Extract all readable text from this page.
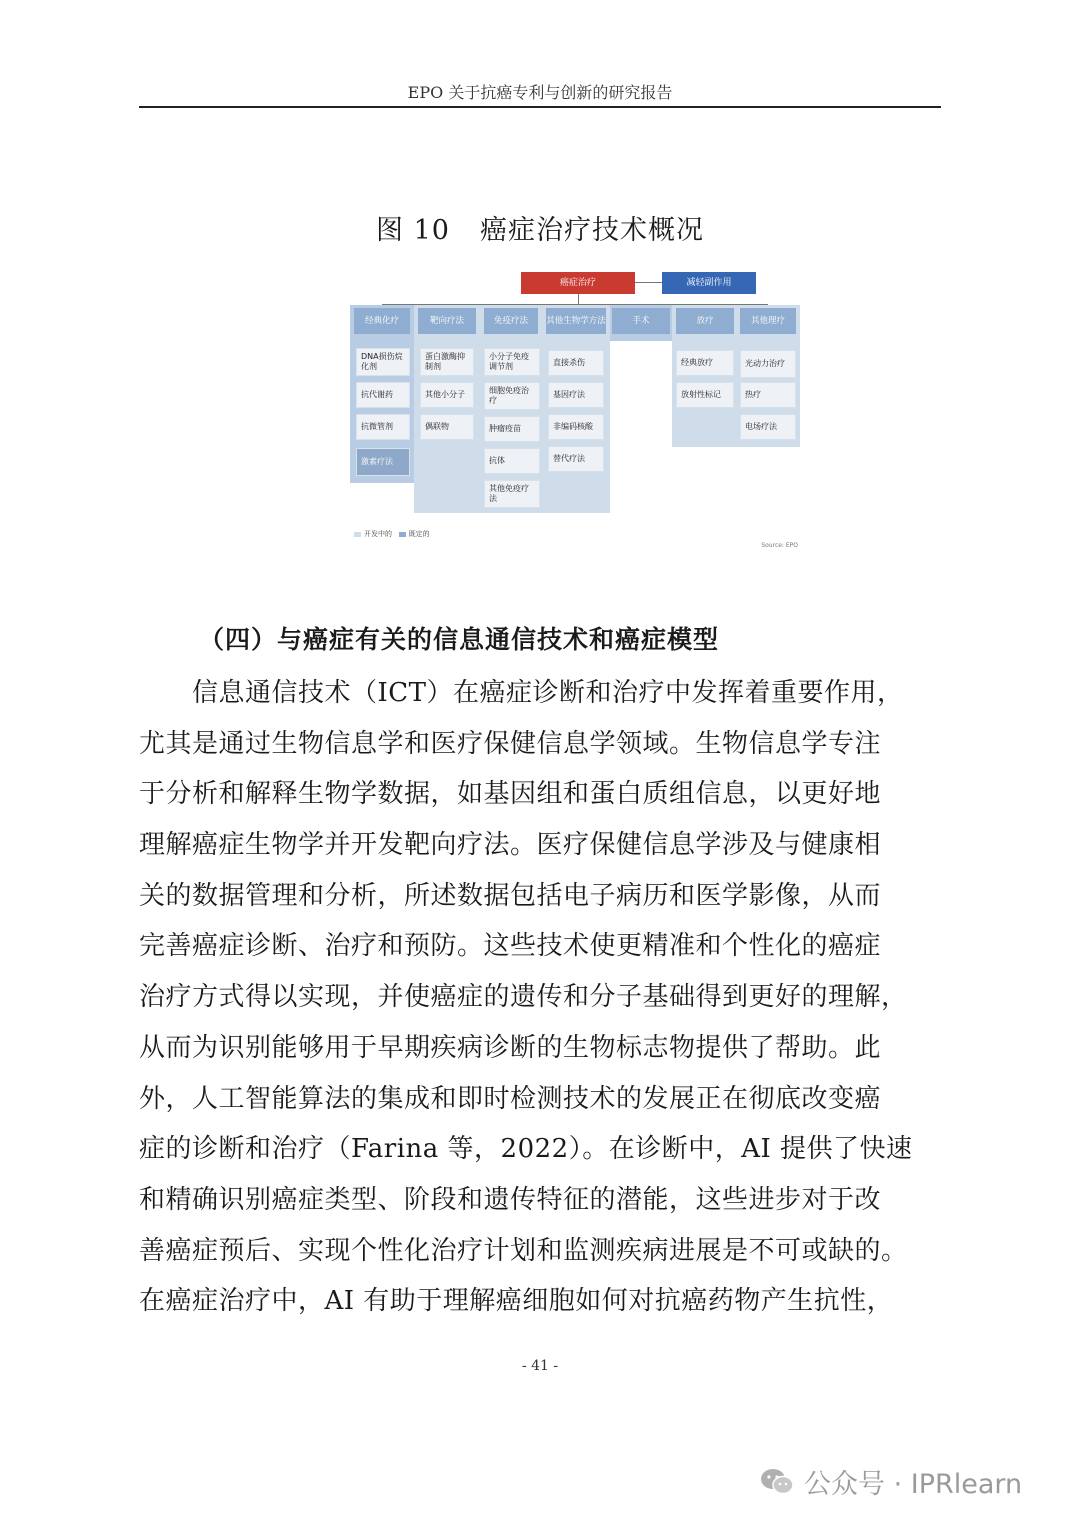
EPO 关于抗癌专利与创新的研究报告
图 10 癌症治疗技术概况
癌症治疗	减轻副作用
经典化疗	靶向疗法	免疫疗法	其他生物学方法	手术	放疗	其他理疗
DNA损伤烷化剂
抗代谢药
抗微管剂
激素疗法
蛋白激酶抑制剂
其他小分子
偶联物
小分子免疫调节剂
细胞免疫治疗
肿瘤疫苗
抗体
其他免疫疗法
直接杀伤
基因疗法
非编码核酸
替代疗法
经典放疗
放射性标记
光动力治疗
热疗
电场疗法
开发中的 既定的
Source: EPO
（四）与癌症有关的信息通信技术和癌症模型
　　信息通信技术（ICT）在癌症诊断和治疗中发挥着重要作用，
尤其是通过生物信息学和医疗保健信息学领域。生物信息学专注
于分析和解释生物学数据，如基因组和蛋白质组信息，以更好地
理解癌症生物学并开发靶向疗法。医疗保健信息学涉及与健康相
关的数据管理和分析，所述数据包括电子病历和医学影像，从而
完善癌症诊断、治疗和预防。这些技术使更精准和个性化的癌症
治疗方式得以实现，并使癌症的遗传和分子基础得到更好的理解，
从而为识别能够用于早期疾病诊断的生物标志物提供了帮助。此
外，人工智能算法的集成和即时检测技术的发展正在彻底改变癌
症的诊断和治疗（Farina 等，2022）。在诊断中，AI 提供了快速
和精确识别癌症类型、阶段和遗传特征的潜能，这些进步对于改
善癌症预后、实现个性化治疗计划和监测疾病进展是不可或缺的。
在癌症治疗中，AI 有助于理解癌细胞如何对抗癌药物产生抗性，
- 41 -
公众号 · IPRlearn
